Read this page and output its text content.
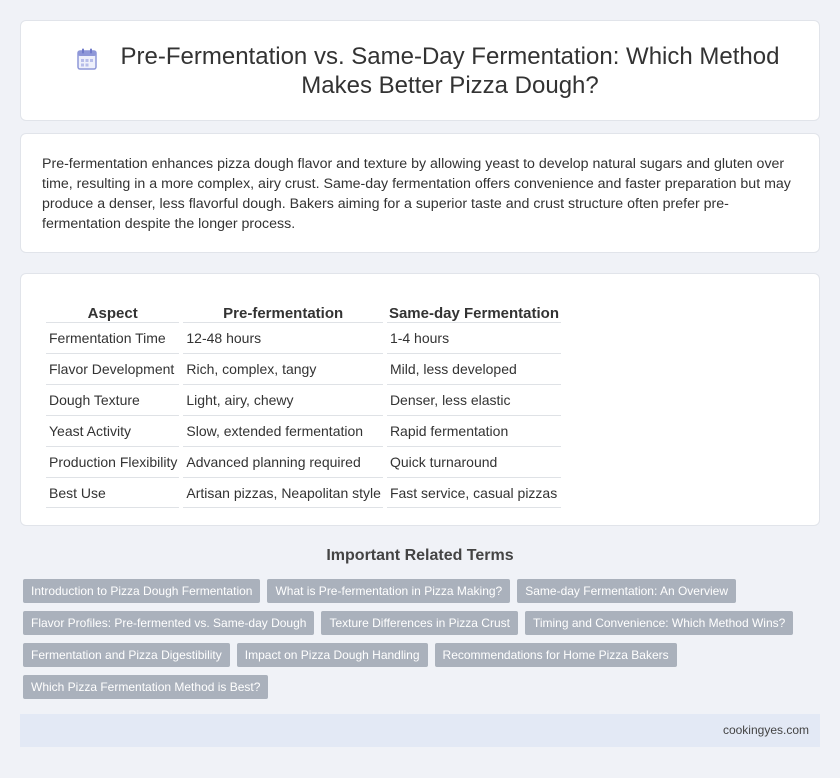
Pre-Fermentation vs. Same-Day Fermentation: Which Method Makes Better Pizza Dough?

Pre-fermentation enhances pizza dough flavor and texture by allowing yeast to develop natural sugars and gluten over time, resulting in a more complex, airy crust. Same-day fermentation offers convenience and faster preparation but may produce a denser, less flavorful dough. Bakers aiming for a superior taste and crust structure often prefer pre-fermentation despite the longer process.

Aspect	Pre-fermentation	Same-day Fermentation
Fermentation Time	12-48 hours	1-4 hours
Flavor Development	Rich, complex, tangy	Mild, less developed
Dough Texture	Light, airy, chewy	Denser, less elastic
Yeast Activity	Slow, extended fermentation	Rapid fermentation
Production Flexibility	Advanced planning required	Quick turnaround
Best Use	Artisan pizzas, Neapolitan style	Fast service, casual pizzas
Important Related Terms
Introduction to Pizza Dough Fermentation	What is Pre-fermentation in Pizza Making?	Same-day Fermentation: An Overview
Flavor Profiles: Pre-fermented vs. Same-day Dough	Texture Differences in Pizza Crust	Timing and Convenience: Which Method Wins?
Fermentation and Pizza Digestibility	Impact on Pizza Dough Handling	Recommendations for Home Pizza Bakers
Which Pizza Fermentation Method is Best?
cookingyes.com
